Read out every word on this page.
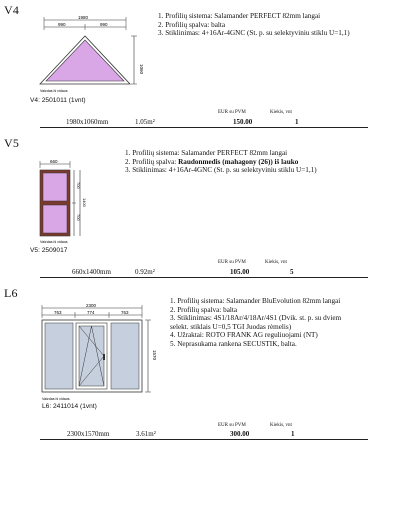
V4
1980
990	990
1060
Vaizdas iš vidaus
V4: 2501011 (1vnt)
1. Profilių sistema: Salamander PERFECT 82mm langai
2. Profilių spalva: balta
3. Stiklinimas: 4+16Ar-4GNC (St. p. su selektyviniu stiklu U=1,1)
EUR su PVM	Kiekis, vnt
1980x1060mm	1.05m²	150.00	1
V5
660
700
700
1400
Vaizdas iš vidaus
V5: 2509017
1. Profilių sistema: Salamander PERFECT 82mm langai
2. Profilių spalva: Raudonmedis (mahagony (26)) iš lauko
3. Stiklinimas: 4+16Ar-4GNC (St. p. su selektyviniu stiklu U=1,1)
EUR su PVM	Kiekis, vnt
660x1400mm	0.92m²	105.00	5
L6
2300
763	774	763
1570
Vaizdas iš vidaus
L6: 2411014 (1vnt)
1. Profilių sistema: Salamander BluEvolution 82mm langai
2. Profilių spalva: balta
3. Stiklinimas: 4S1/18Ar/4/18Ar/4S1 (Dvik. st. p. su dviem
selekt. stiklais U=0,5 TGI Juodas rėmelis)
4. Užraktai: ROTO FRANK AG reguliuojami (NT)
5. Neprasukama rankena SECUSTIK, balta.
EUR su PVM	Kiekis, vnt
2300x1570mm	3.61m²	300.00	1
